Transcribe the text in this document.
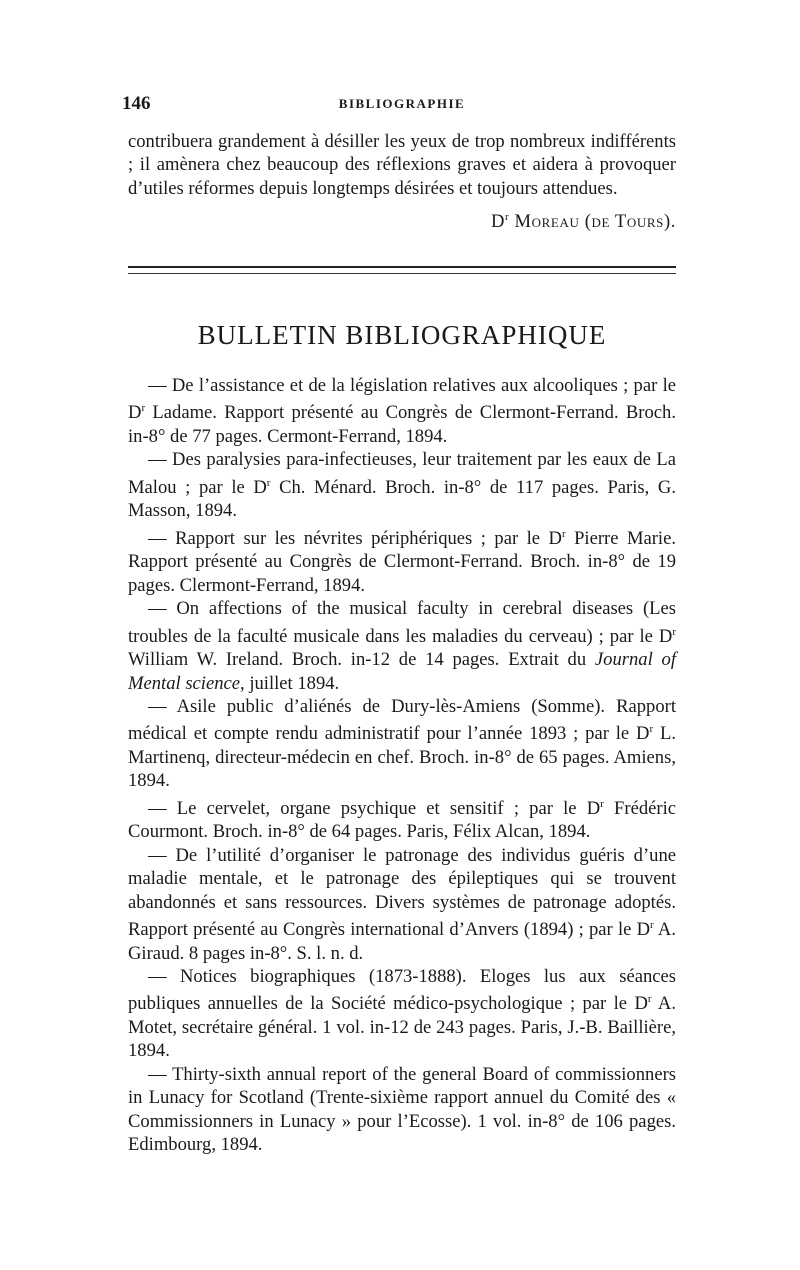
146	BIBLIOGRAPHIE

contribuera grandement à désiller les yeux de trop nombreux indifférents ; il amènera chez beaucoup des réflexions graves et aidera à provoquer d’utiles réformes depuis longtemps désirées et toujours attendues.

$D^r$ Moreau (de Tours).
BULLETIN BIBLIOGRAPHIQUE

— De l’assistance et de la législation relatives aux alcooliques ; par le $D^r$ Ladame. Rapport présenté au Congrès de Clermont-Ferrand. Broch. in-8° de 77 pages. Cermont-Ferrand, 1894.

— Des paralysies para-infectieuses, leur traitement par les eaux de La Malou ; par le $D^r$ Ch. Ménard. Broch. in-8° de 117 pages. Paris, G. Masson, 1894.

— Rapport sur les névrites périphériques ; par le $D^r$ Pierre Marie. Rapport présenté au Congrès de Clermont-Ferrand. Broch. in-8° de 19 pages. Clermont-Ferrand, 1894.

— On affections of the musical faculty in cerebral diseases (Les troubles de la faculté musicale dans les maladies du cerveau) ; par le $D^r$ William W. Ireland. Broch. in-12 de 14 pages. Extrait du Journal of Mental science, juillet 1894.

— Asile public d’aliénés de Dury-lès-Amiens (Somme). Rapport médical et compte rendu administratif pour l’année 1893 ; par le $D^r$ L. Martinenq, directeur-médecin en chef. Broch. in-8° de 65 pages. Amiens, 1894.

— Le cervelet, organe psychique et sensitif ; par le $D^r$ Frédéric Courmont. Broch. in-8° de 64 pages. Paris, Félix Alcan, 1894.

— De l’utilité d’organiser le patronage des individus guéris d’une maladie mentale, et le patronage des épileptiques qui se trouvent abandonnés et sans ressources. Divers systèmes de patronage adoptés. Rapport présenté au Congrès international d’Anvers (1894) ; par le $D^r$ A. Giraud. 8 pages in-8°. S. l. n. d.

— Notices biographiques (1873-1888). Eloges lus aux séances publiques annuelles de la Société médico-psychologique ; par le $D^r$ A. Motet, secrétaire général. 1 vol. in-12 de 243 pages. Paris, J.-B. Baillière, 1894.

— Thirty-sixth annual report of the general Board of commissionners in Lunacy for Scotland (Trente-sixième rapport annuel du Comité des « Commissionners in Lunacy » pour l’Ecosse). 1 vol. in-8° de 106 pages. Edimbourg, 1894.
